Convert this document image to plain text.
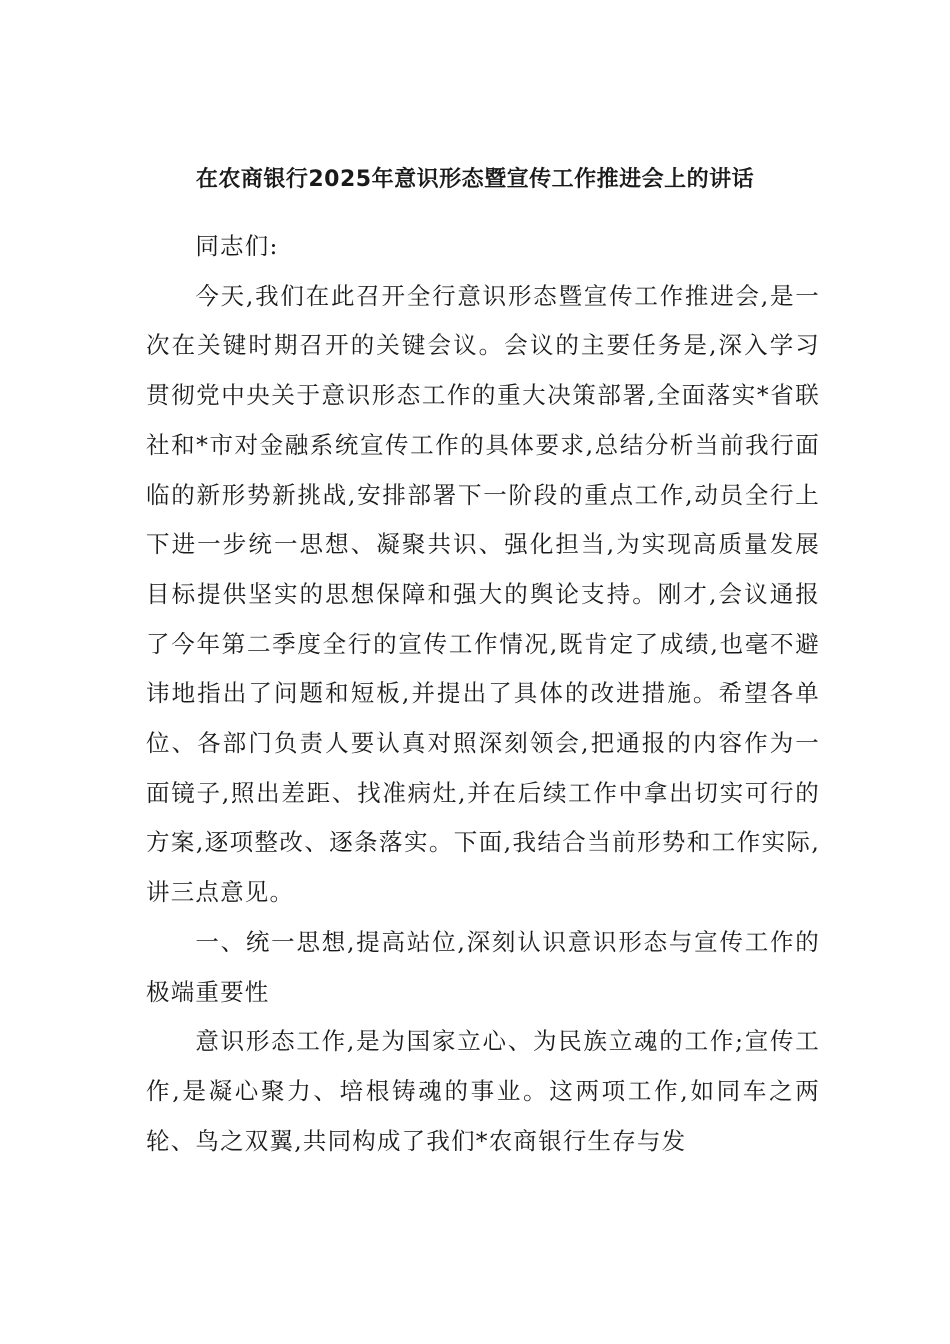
在农商银行2025年意识形态暨宣传工作推进会上的讲话

同志们:

今天,我们在此召开全行意识形态暨宣传工作推进会,是一次在关键时期召开的关键会议。会议的主要任务是,深入学习贯彻党中央关于意识形态工作的重大决策部署,全面落实*省联社和*市对金融系统宣传工作的具体要求,总结分析当前我行面临的新形势新挑战,安排部署下一阶段的重点工作,动员全行上下进一步统一思想、凝聚共识、强化担当,为实现高质量发展目标提供坚实的思想保障和强大的舆论支持。刚才,会议通报了今年第二季度全行的宣传工作情况,既肯定了成绩,也毫不避讳地指出了问题和短板,并提出了具体的改进措施。希望各单位、各部门负责人要认真对照深刻领会,把通报的内容作为一面镜子,照出差距、找准病灶,并在后续工作中拿出切实可行的方案,逐项整改、逐条落实。下面,我结合当前形势和工作实际,讲三点意见。

一、统一思想,提高站位,深刻认识意识形态与宣传工作的极端重要性

意识形态工作,是为国家立心、为民族立魂的工作;宣传工作,是凝心聚力、培根铸魂的事业。这两项工作,如同车之两轮、鸟之双翼,共同构成了我们*农商银行生存与发
